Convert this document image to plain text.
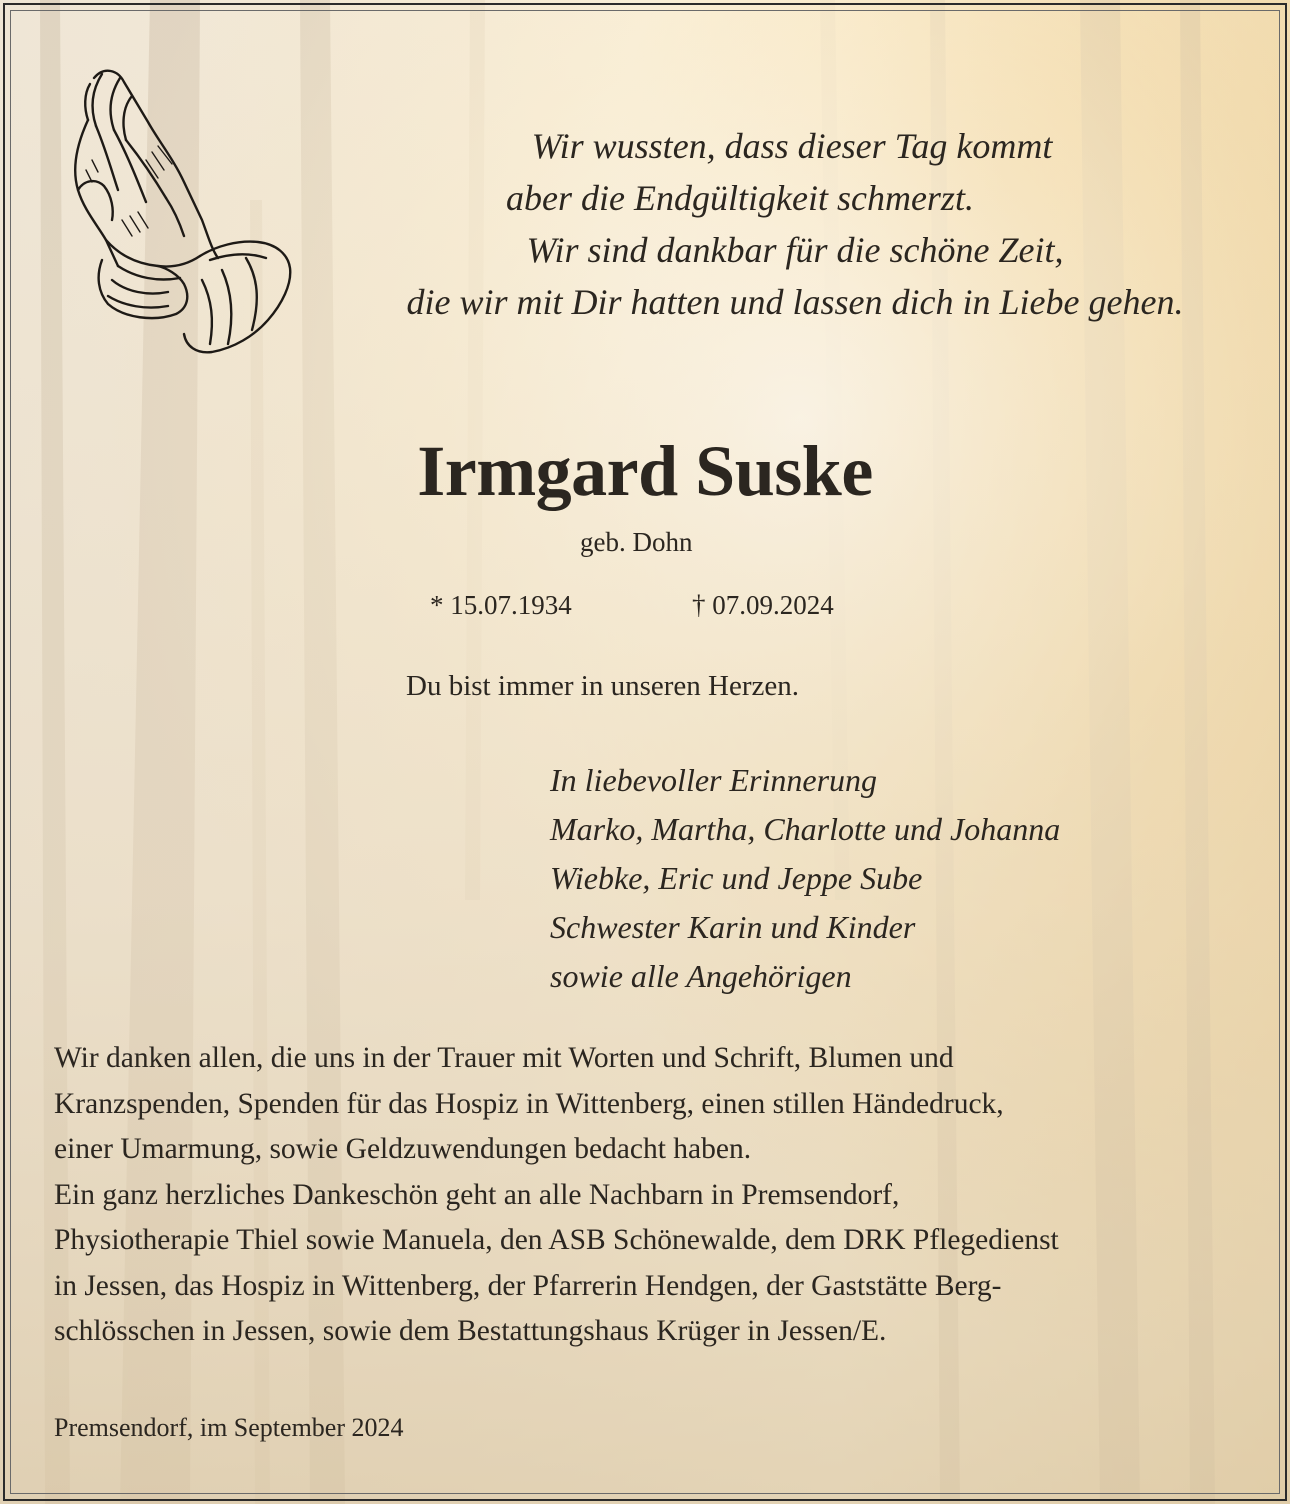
Wir wussten, dass dieser Tag kommt
aber die Endgültigkeit schmerzt.
Wir sind dankbar für die schöne Zeit,
die wir mit Dir hatten und lassen dich in Liebe gehen.
Irmgard Suske
geb. Dohn
* 15.07.1934	† 07.09.2024
Du bist immer in unseren Herzen.
In liebevoller Erinnerung
Marko, Martha, Charlotte und Johanna
Wiebke, Eric und Jeppe Sube
Schwester Karin und Kinder
sowie alle Angehörigen
Wir danken allen, die uns in der Trauer mit Worten und Schrift, Blumen und
Kranzspenden, Spenden für das Hospiz in Wittenberg, einen stillen Händedruck,
einer Umarmung, sowie Geldzuwendungen bedacht haben.
Ein ganz herzliches Dankeschön geht an alle Nachbarn in Premsendorf,
Physiotherapie Thiel sowie Manuela, den ASB Schönewalde, dem DRK Pflegedienst
in Jessen, das Hospiz in Wittenberg, der Pfarrerin Hendgen, der Gaststätte Berg-
schlösschen in Jessen, sowie dem Bestattungshaus Krüger in Jessen/E.
Premsendorf, im September 2024
